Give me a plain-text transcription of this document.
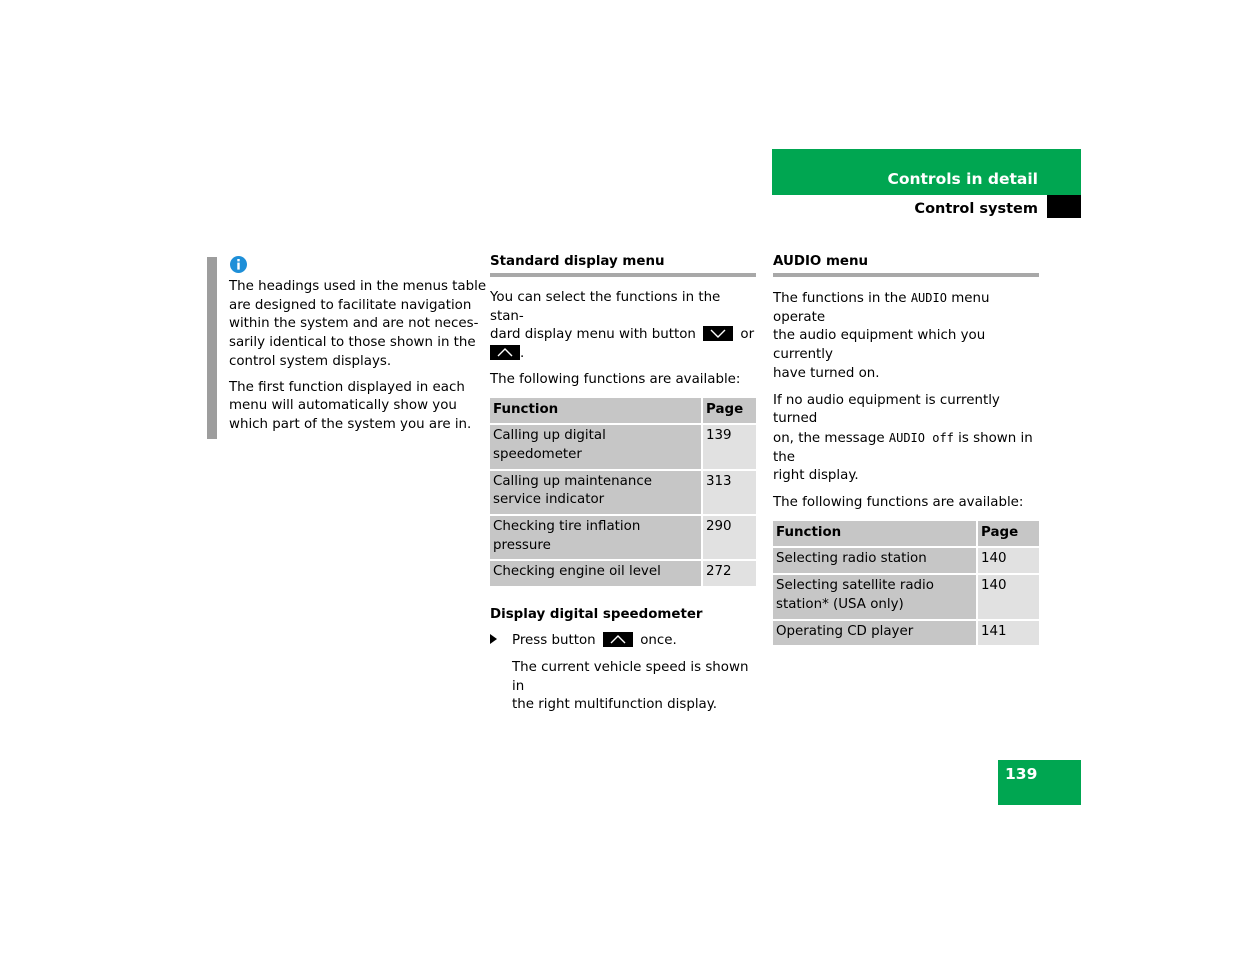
Controls in detail
Control system

The headings used in the menus table
are designed to facilitate navigation
within the system and are not neces-
sarily identical to those shown in the
control system displays.

The first function displayed in each
menu will automatically show you
which part of the system you are in.

Standard display menu

You can select the functions in the stan-
dard display menu with button	or

.

The following functions are available:

Function	Page
Calling up digital speedometer	139
Calling up maintenance service indicator	313
Checking tire inflation pressure	290
Checking engine oil level	272
Display digital speedometer

Press button	once.

The current vehicle speed is shown in
the right multifunction display.

AUDIO menu

The functions in the AUDIO menu operate
the audio equipment which you currently
have turned on.

If no audio equipment is currently turned
on, the message AUDIO off is shown in the
right display.

The following functions are available:

Function	Page
Selecting radio station	140
Selecting satellite radio station* (USA only)	140
Operating CD player	141
139
